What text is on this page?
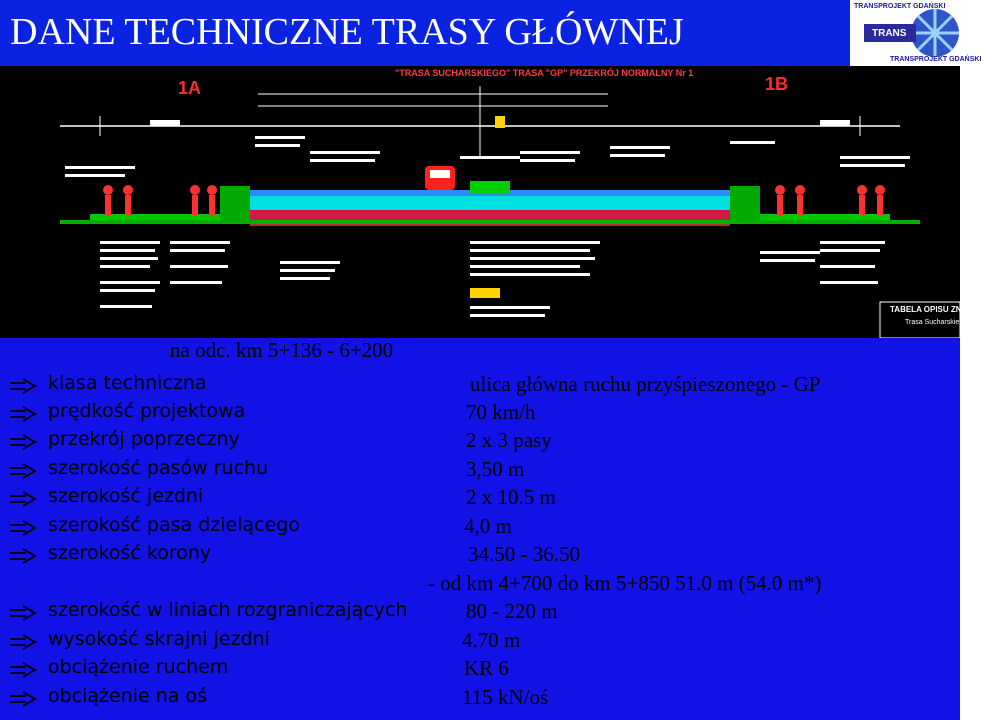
DANE TECHNICZNE TRASY GŁÓWNEJ
TRANSPROJEKT GDAŃSKI
TRANS
TRANSPROJEKT GDAŃSKI
"TRASA SUCHARSKIEGO" TRASA "GP" PRZEKRÓJ NORMALNY Nr 1
1A	1B
TABELA OPISU ZNAKU
Trasa Sucharskiego
na odc. km 5+136 - 6+200
klasa techniczna	ulica główna ruchu przyśpieszonego - GP
prędkość projektowa	70 km/h
przekrój poprzeczny	2 x 3 pasy
szerokość pasów ruchu	3,50 m
szerokość jezdni	2 x 10.5 m
szerokość pasa dzielącego	4,0 m
szerokość korony	34.50 - 36.50
- od km 4+700 do km 5+850 51.0 m (54.0 m*)
szerokość w liniach rozgraniczających	80 - 220 m
wysokość skrajni jezdni	4.70 m
obciążenie ruchem	KR 6
obciążenie na oś	115 kN/oś
